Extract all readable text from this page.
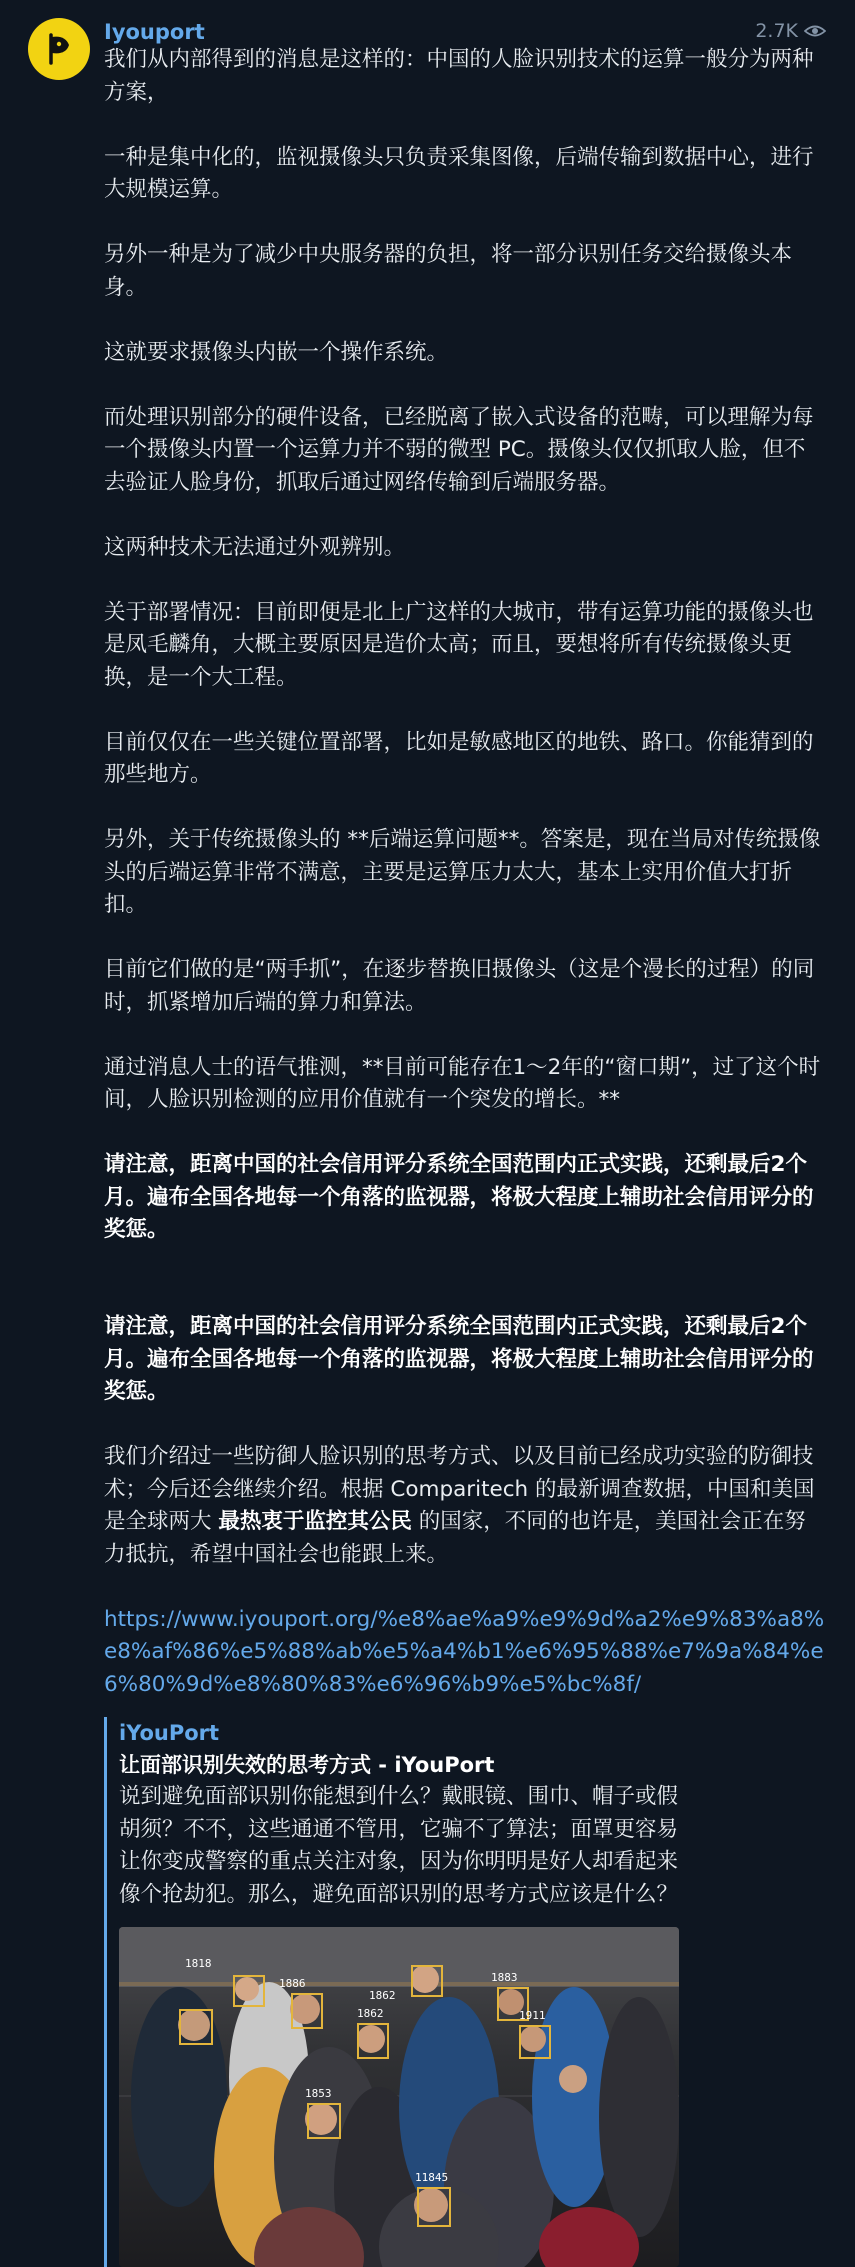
Iyouport	2.7K

我们从内部得到的消息是这样的：中国的人脸识别技术的运算一般分为两种方案，

一种是集中化的，监视摄像头只负责采集图像，后端传输到数据中心，进行大规模运算。

另外一种是为了减少中央服务器的负担，将一部分识别任务交给摄像头本身。

这就要求摄像头内嵌一个操作系统。

而处理识别部分的硬件设备，已经脱离了嵌入式设备的范畴，可以理解为每一个摄像头内置一个运算力并不弱的微型 PC。摄像头仅仅抓取人脸，但不去验证人脸身份，抓取后通过网络传输到后端服务器。

这两种技术无法通过外观辨别。

关于部署情况：目前即便是北上广这样的大城市，带有运算功能的摄像头也是凤毛麟角，大概主要原因是造价太高；而且，要想将所有传统摄像头更换，是一个大工程。

目前仅仅在一些关键位置部署，比如是敏感地区的地铁、路口。你能猜到的那些地方。

另外，关于传统摄像头的 **后端运算问题**。答案是，现在当局对传统摄像头的后端运算非常不满意，主要是运算压力太大，基本上实用价值大打折扣。

目前它们做的是“两手抓”，在逐步替换旧摄像头（这是个漫长的过程）的同时，抓紧增加后端的算力和算法。

通过消息人士的语气推测，**目前可能存在1～2年的“窗口期”，过了这个时间，人脸识别检测的应用价值就有一个突发的增长。**

请注意，距离中国的社会信用评分系统全国范围内正式实践，还剩最后2个月。遍布全国各地每一个角落的监视器，将极大程度上辅助社会信用评分的奖惩。

请注意，距离中国的社会信用评分系统全国范围内正式实践，还剩最后2个月。遍布全国各地每一个角落的监视器，将极大程度上辅助社会信用评分的奖惩。

我们介绍过一些防御人脸识别的思考方式、以及目前已经成功实验的防御技术；今后还会继续介绍。根据 Comparitech 的最新调查数据，中国和美国是全球两大 最热衷于监控其公民 的国家，不同的也许是，美国社会正在努力抵抗，希望中国社会也能跟上来。

https://www.iyouport.org/%e8%ae%a9%e9%9d%a2%e9%83%a8%e8%af%86%e5%88%ab%e5%a4%b1%e6%95%88%e7%9a%84%e6%80%9d%e8%80%83%e6%96%b9%e5%bc%8f/
iYouPort
让面部识别失效的思考方式 - iYouPort
说到避免面部识别你能想到什么？戴眼镜、围巾、帽子或假胡须？不不，这些通通不管用，它骗不了算法；面罩更容易让你变成警察的重点关注对象，因为你明明是好人却看起来像个抢劫犯。那么，避免面部识别的思考方式应该是什么？
1818
1883
1862
1886
1862	1911
1853
11845
